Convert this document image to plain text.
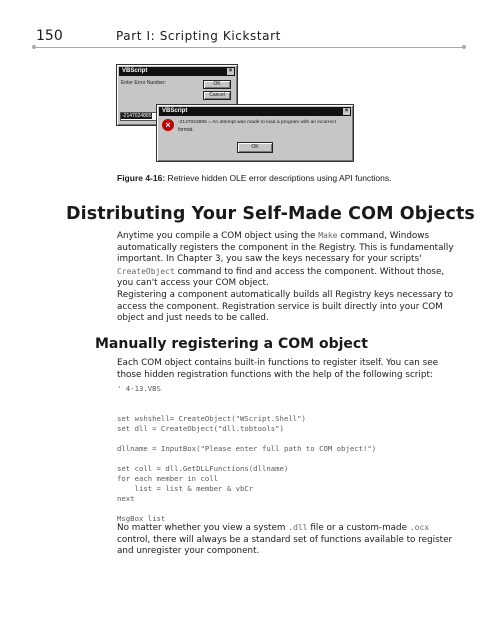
150	Part I: Scripting Kickstart
VBScript	×
Enter Error Number:	OK
Cancel
-2147024885
VBScript	×
×	-2147024885 = An attempt was made to load a program with an incorrect
format.
OK
Figure 4-16: Retrieve hidden OLE error descriptions using API functions.
Distributing Your Self-Made COM Objects

Anytime you compile a COM object using the Make command, Windows automatically registers the component in the Registry. This is fundamentally important. In Chapter 3, you saw the keys necessary for your scripts' CreateObject command to find and access the component. Without those, you can't access your COM object.

Registering a component automatically builds all Registry keys necessary to access the component. Registration service is built directly into your COM object and just needs to be called.

Manually registering a COM object

Each COM object contains built-in functions to register itself. You can see those hidden registration functions with the help of the following script:

' 4-13.VBS

set wshshell= CreateObject("WScript.Shell")
set dll = CreateObject("dll.tobtools")

dllname = InputBox("Please enter full path to COM object!")

set coll = dll.GetDLLFunctions(dllname)
for each member in coll
list = list & member & vbCr
next

MsgBox list

No matter whether you view a system .dll file or a custom-made .ocx control, there will always be a standard set of functions available to register and unregister your component.
